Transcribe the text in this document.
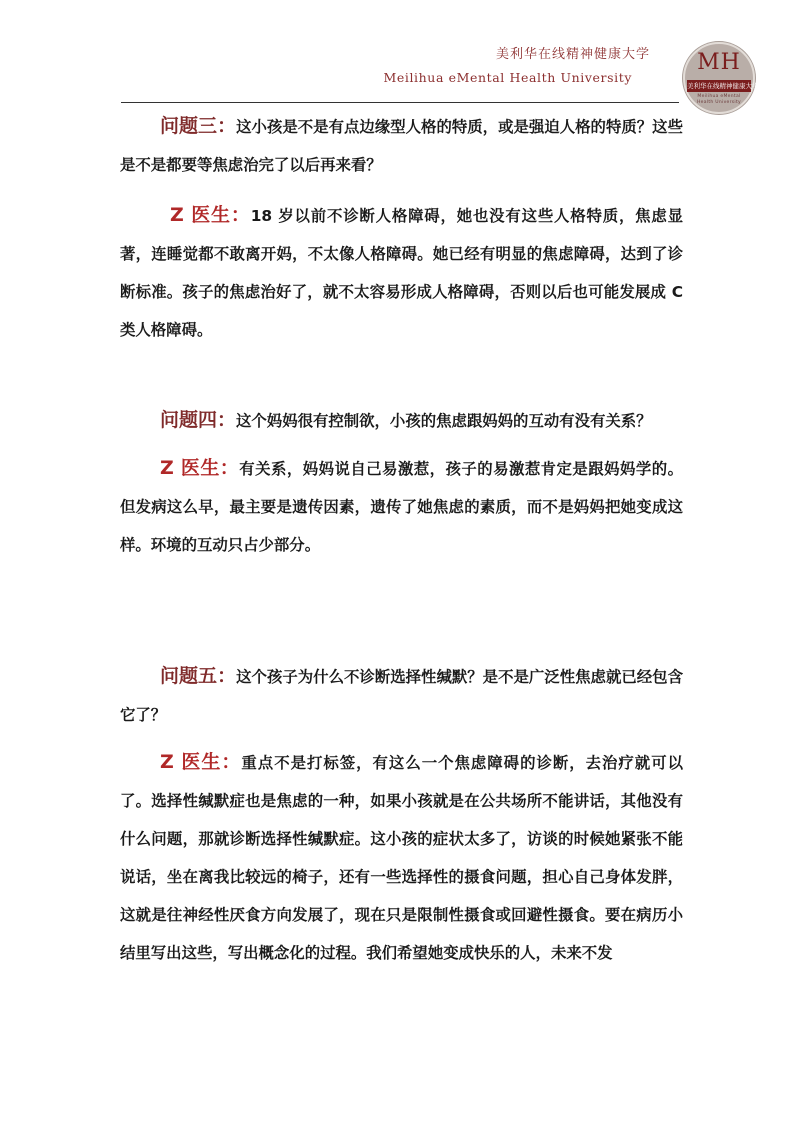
美利华在线精神健康大学
Meilihua eMental Health University
MH
美利华在线精神健康大学
Meilihua eMental
Health University

问题三：这小孩是不是有点边缘型人格的特质，或是强迫人格的特质？这些是不是都要等焦虑治完了以后再来看？

Z 医生：18 岁以前不诊断人格障碍，她也没有这些人格特质，焦虑显著，连睡觉都不敢离开妈，不太像人格障碍。她已经有明显的焦虑障碍，达到了诊断标准。孩子的焦虑治好了，就不太容易形成人格障碍，否则以后也可能发展成 C 类人格障碍。

问题四：这个妈妈很有控制欲，小孩的焦虑跟妈妈的互动有没有关系？

Z 医生：有关系，妈妈说自己易激惹，孩子的易激惹肯定是跟妈妈学的。但发病这么早，最主要是遗传因素，遗传了她焦虑的素质，而不是妈妈把她变成这样。环境的互动只占少部分。

问题五：这个孩子为什么不诊断选择性缄默？是不是广泛性焦虑就已经包含它了？

Z 医生：重点不是打标签，有这么一个焦虑障碍的诊断，去治疗就可以了。选择性缄默症也是焦虑的一种，如果小孩就是在公共场所不能讲话，其他没有什么问题，那就诊断选择性缄默症。这小孩的症状太多了，访谈的时候她紧张不能说话，坐在离我比较远的椅子，还有一些选择性的摄食问题，担心自己身体发胖，这就是往神经性厌食方向发展了，现在只是限制性摄食或回避性摄食。要在病历小结里写出这些，写出概念化的过程。我们希望她变成快乐的人，未来不发
